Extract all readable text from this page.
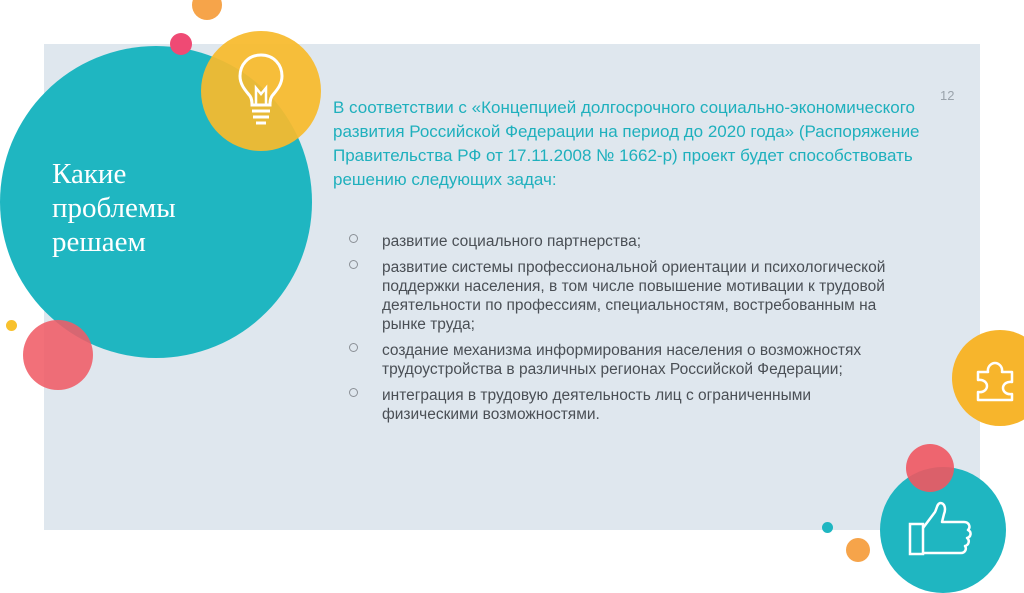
Какие проблемы решаем
12
В соответствии с «Концепцией долгосрочного социально-экономического развития Российской Федерации на период до 2020 года» (Распоряжение Правительства РФ от 17.11.2008 № 1662-р) проект будет способствовать решению следующих задач:
развитие социального партнерства;
развитие системы профессиональной ориентации и психологической поддержки населения, в том числе повышение мотивации к трудовой деятельности по профессиям, специальностям, востребованным на рынке труда;
создание механизма информирования населения о возможностях трудоустройства в различных регионах Российской Федерации;
интеграция в трудовую деятельность лиц с ограниченными физическими возможностями.
